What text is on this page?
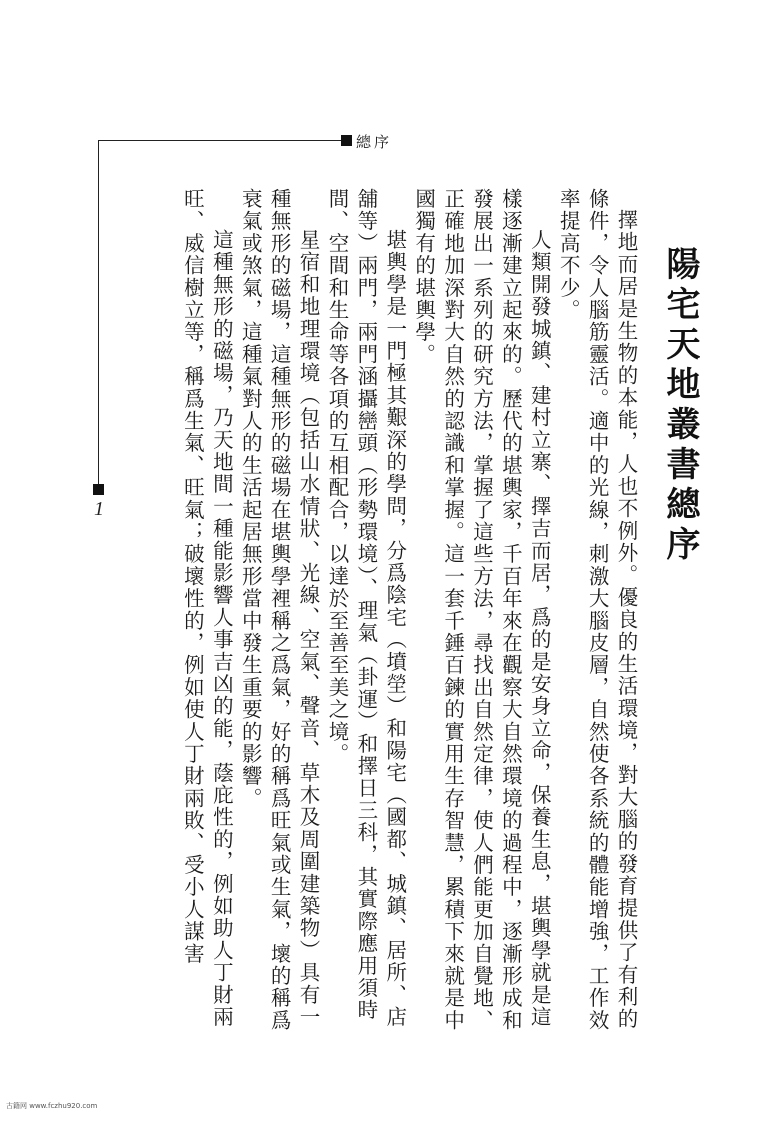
總序
1	陽宅天地叢書總序

擇地而居是生物的本能，人也不例外。優良的生活環境，對大腦的發育提供了有利的條件，令人腦筋靈活。適中的光線，刺激大腦皮層，自然使各系統的體能增強，工作效率提高不少。

人類開發城鎮、建村立寨、擇吉而居，爲的是安身立命，保養生息，堪輿學就是這樣逐漸建立起來的。歷代的堪輿家，千百年來在觀察大自然環境的過程中，逐漸形成和發展出一系列的研究方法，掌握了這些方法，尋找出自然定律，使人們能更加自覺地、正確地加深對大自然的認識和掌握。這一套千錘百鍊的實用生存智慧，累積下來就是中國獨有的堪輿學。

堪輿學是一門極其艱深的學問，分爲陰宅（墳塋）和陽宅（國都、城鎮、居所、店舖等）兩門，兩門涵攝巒頭（形勢環境）、理氣（卦運）和擇日三科，其實際應用須時間、空間和生命等各項的互相配合，以達於至善至美之境。

星宿和地理環境（包括山水情狀、光線、空氣、聲音、草木及周圍建築物）具有一種無形的磁場，這種無形的磁場在堪輿學裡稱之爲氣，好的稱爲旺氣或生氣，壞的稱爲衰氣或煞氣，這種氣對人的生活起居無形當中發生重要的影響。

這種無形的磁場，乃天地間一種能影響人事吉凶的能，蔭庇性的，例如助人丁財兩旺、威信樹立等，稱爲生氣、旺氣；破壞性的，例如使人丁財兩敗、受小人謀害

古籍网 www.fczhu920.com
